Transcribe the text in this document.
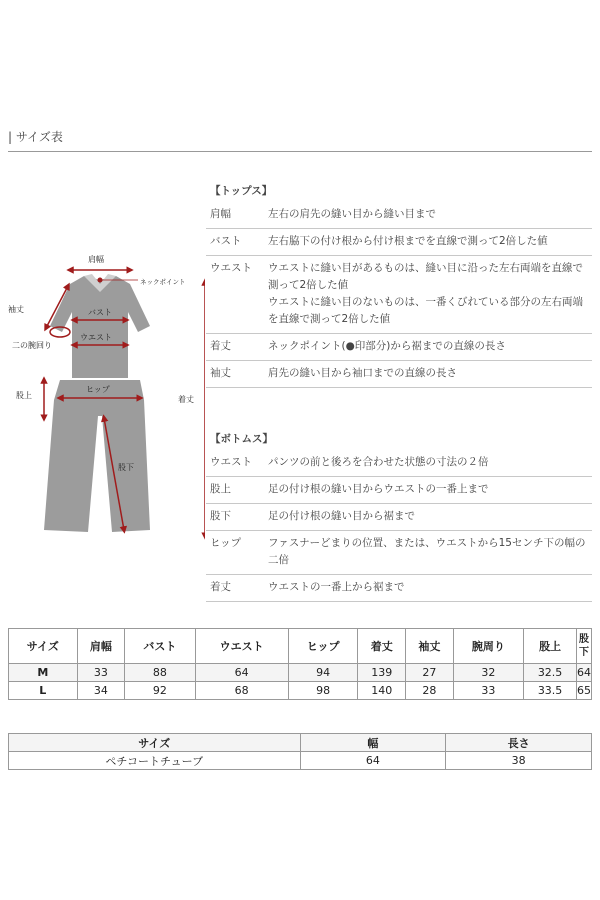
| サイズ表
肩幅
ネックポイント
バスト
ウエスト
袖丈
二の腕回り
股上
ヒップ
着丈
股下
【トップス】
肩幅	左右の肩先の縫い目から縫い目まで
バスト	左右脇下の付け根から付け根までを直線で測って2倍した値
ウエスト	ウエストに縫い目があるものは、縫い目に沿った左右両端を直線で
測って2倍した値
ウエストに縫い目のないものは、一番くびれている部分の左右両端
を直線で測って2倍した値
着丈	ネックポイント(●印部分)から裾までの直線の長さ
袖丈	肩先の縫い目から袖口までの直線の長さ
【ボトムス】
ウエスト	パンツの前と後ろを合わせた状態の寸法の２倍
股上	足の付け根の縫い目からウエストの一番上まで
股下	足の付け根の縫い目から裾まで
ヒップ	ファスナーどまりの位置、または、ウエストから15センチ下の幅の
二倍
着丈	ウエストの一番上から裾まで
サイズ	肩幅	バスト	ウエスト	ヒップ	着丈	袖丈	腕周り	股上	股下
M	33	88	64	94	139	27	32	32.5	64
L	34	92	68	98	140	28	33	33.5	65
サイズ	幅	長さ
ペチコートチューブ	64	38
